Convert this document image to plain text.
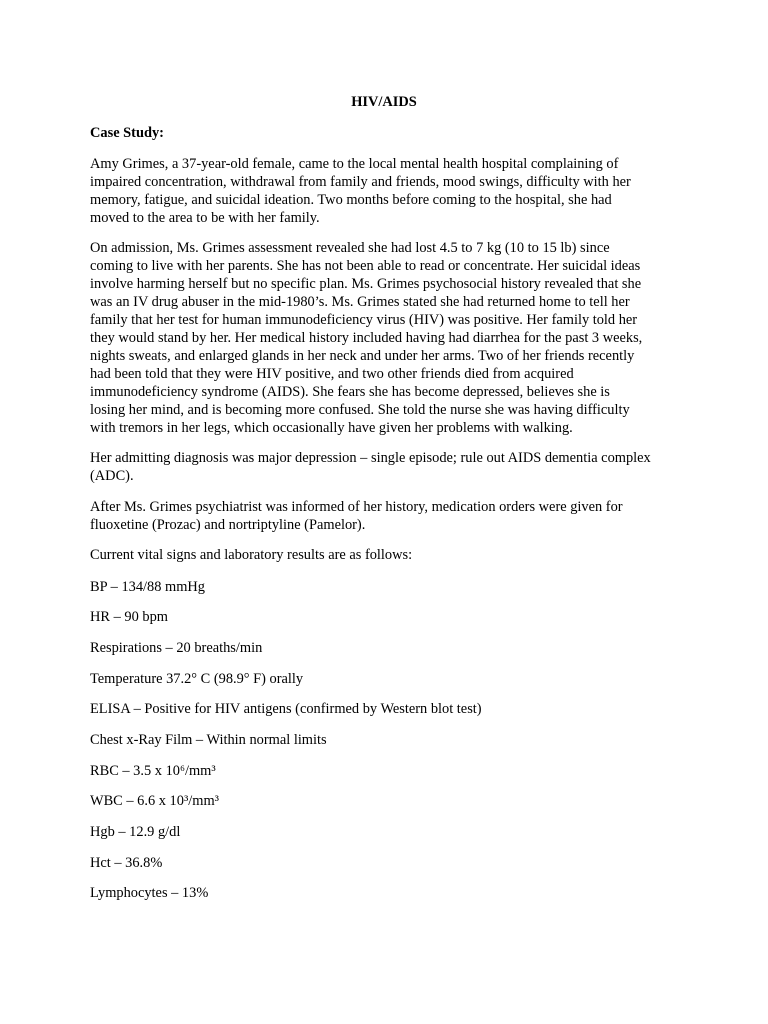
HIV/AIDS
Case Study:
Amy Grimes, a 37-year-old female, came to the local mental health hospital complaining of
impaired concentration, withdrawal from family and friends, mood swings, difficulty with her
memory, fatigue, and suicidal ideation. Two months before coming to the hospital, she had
moved to the area to be with her family.
On admission, Ms. Grimes assessment revealed she had lost 4.5 to 7 kg (10 to 15 lb) since
coming to live with her parents. She has not been able to read or concentrate. Her suicidal ideas
involve harming herself but no specific plan. Ms. Grimes psychosocial history revealed that she
was an IV drug abuser in the mid-1980’s. Ms. Grimes stated she had returned home to tell her
family that her test for human immunodeficiency virus (HIV) was positive. Her family told her
they would stand by her. Her medical history included having had diarrhea for the past 3 weeks,
nights sweats, and enlarged glands in her neck and under her arms. Two of her friends recently
had been told that they were HIV positive, and two other friends died from acquired
immunodeficiency syndrome (AIDS). She fears she has become depressed, believes she is
losing her mind, and is becoming more confused. She told the nurse she was having difficulty
with tremors in her legs, which occasionally have given her problems with walking.
Her admitting diagnosis was major depression – single episode; rule out AIDS dementia complex
(ADC).
After Ms. Grimes psychiatrist was informed of her history, medication orders were given for
fluoxetine (Prozac) and nortriptyline (Pamelor).
Current vital signs and laboratory results are as follows:
BP – 134/88 mmHg
HR – 90 bpm
Respirations – 20 breaths/min
Temperature 37.2° C (98.9° F) orally
ELISA – Positive for HIV antigens (confirmed by Western blot test)
Chest x-Ray Film – Within normal limits
RBC – 3.5 x 10⁶/mm³
WBC – 6.6 x 10³/mm³
Hgb – 12.9 g/dl
Hct – 36.8%
Lymphocytes – 13%
